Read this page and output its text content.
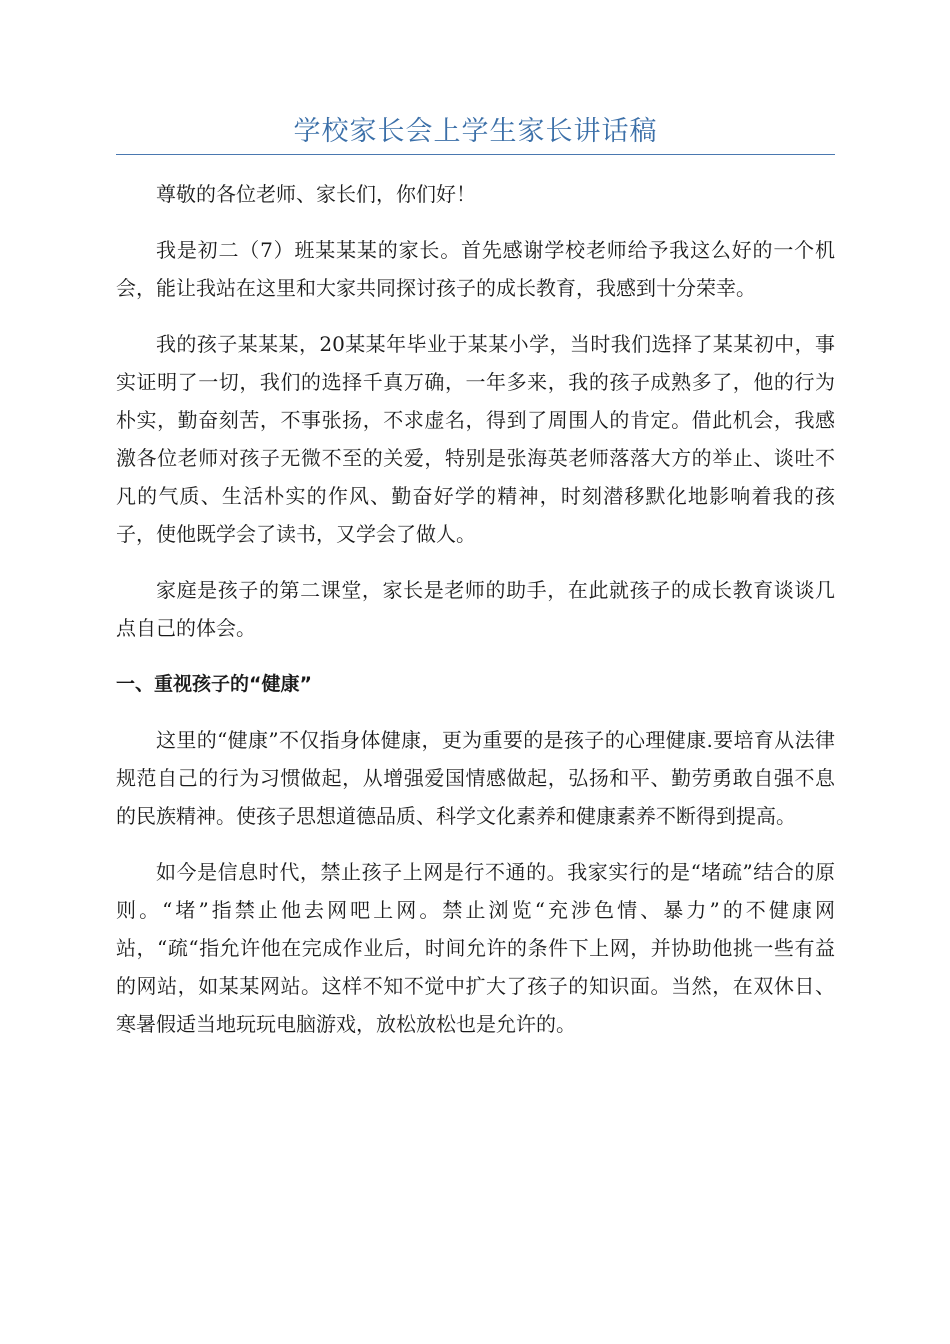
学校家长会上学生家长讲话稿

尊敬的各位老师、家长们，你们好！

我是初二（7）班某某某的家长。首先感谢学校老师给予我这么好的一个机会，能让我站在这里和大家共同探讨孩子的成长教育，我感到十分荣幸。

我的孩子某某某，20某某年毕业于某某小学，当时我们选择了某某初中，事实证明了一切，我们的选择千真万确，一年多来，我的孩子成熟多了，他的行为朴实，勤奋刻苦，不事张扬，不求虚名，得到了周围人的肯定。借此机会，我感激各位老师对孩子无微不至的关爱，特别是张海英老师落落大方的举止、谈吐不凡的气质、生活朴实的作风、勤奋好学的精神，时刻潜移默化地影响着我的孩子，使他既学会了读书，又学会了做人。

家庭是孩子的第二课堂，家长是老师的助手，在此就孩子的成长教育谈谈几点自己的体会。

一、重视孩子的“健康”

这里的“健康”不仅指身体健康，更为重要的是孩子的心理健康.要培育从法律规范自己的行为习惯做起，从增强爱国情感做起，弘扬和平、勤劳勇敢自强不息的民族精神。使孩子思想道德品质、科学文化素养和健康素养不断得到提高。

如今是信息时代，禁止孩子上网是行不通的。我家实行的是“堵疏”结合的原则。“堵”指禁止他去网吧上网。禁止浏览“充涉色情、暴力”的不健康网站，“疏“指允许他在完成作业后，时间允许的条件下上网，并协助他挑一些有益的网站，如某某网站。这样不知不觉中扩大了孩子的知识面。当然，在双休日、寒暑假适当地玩玩电脑游戏，放松放松也是允许的。
